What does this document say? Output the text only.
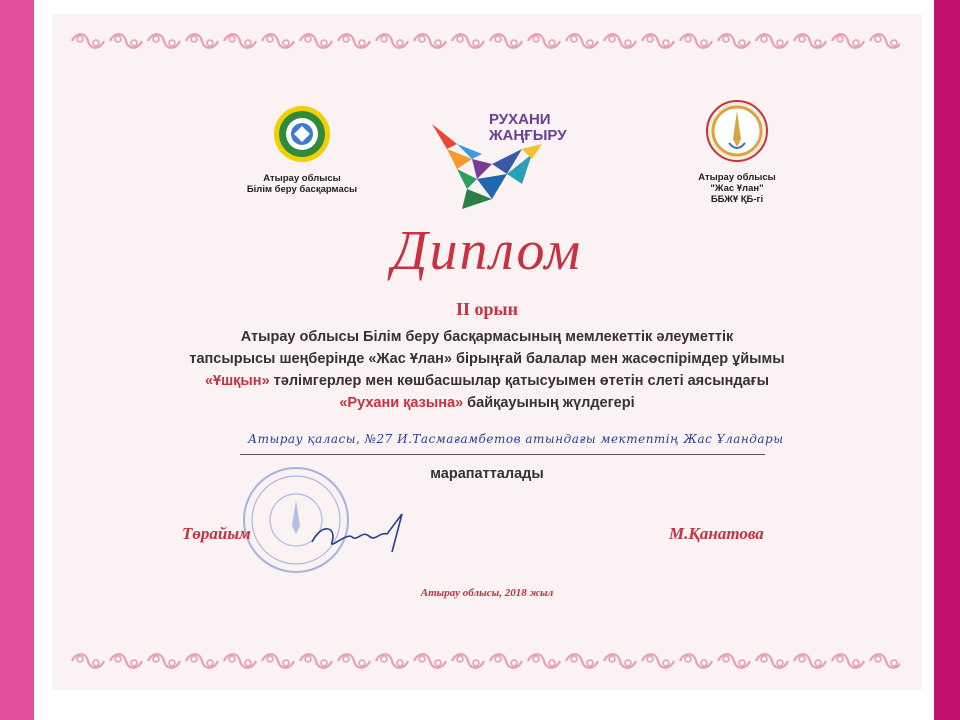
Атырау облысы
Білім беру басқармасы
РУХАНИ
ЖАҢҒЫРУ
Атырау облысы
"Жас Ұлан"
ББЖҰ ҚБ-гі
Диплом
ІІ орын
Атырау облысы Білім беру басқармасының мемлекеттік әлеуметтік
тапсырысы шеңберінде «Жас Ұлан» бірыңғай балалар мен жасөспірімдер ұйымы
«Ұшқын» тәлімгерлер мен көшбасшылар қатысуымен өтетін слеті аясындағы
«Рухани қазына» байқауының жүлдегері
Атырау қаласы, №27 И.Тасмағамбетов атындағы мектептің Жас Ұландары
марапатталады
Төрайым	М.Қанатова
Атырау облысы, 2018 жыл
